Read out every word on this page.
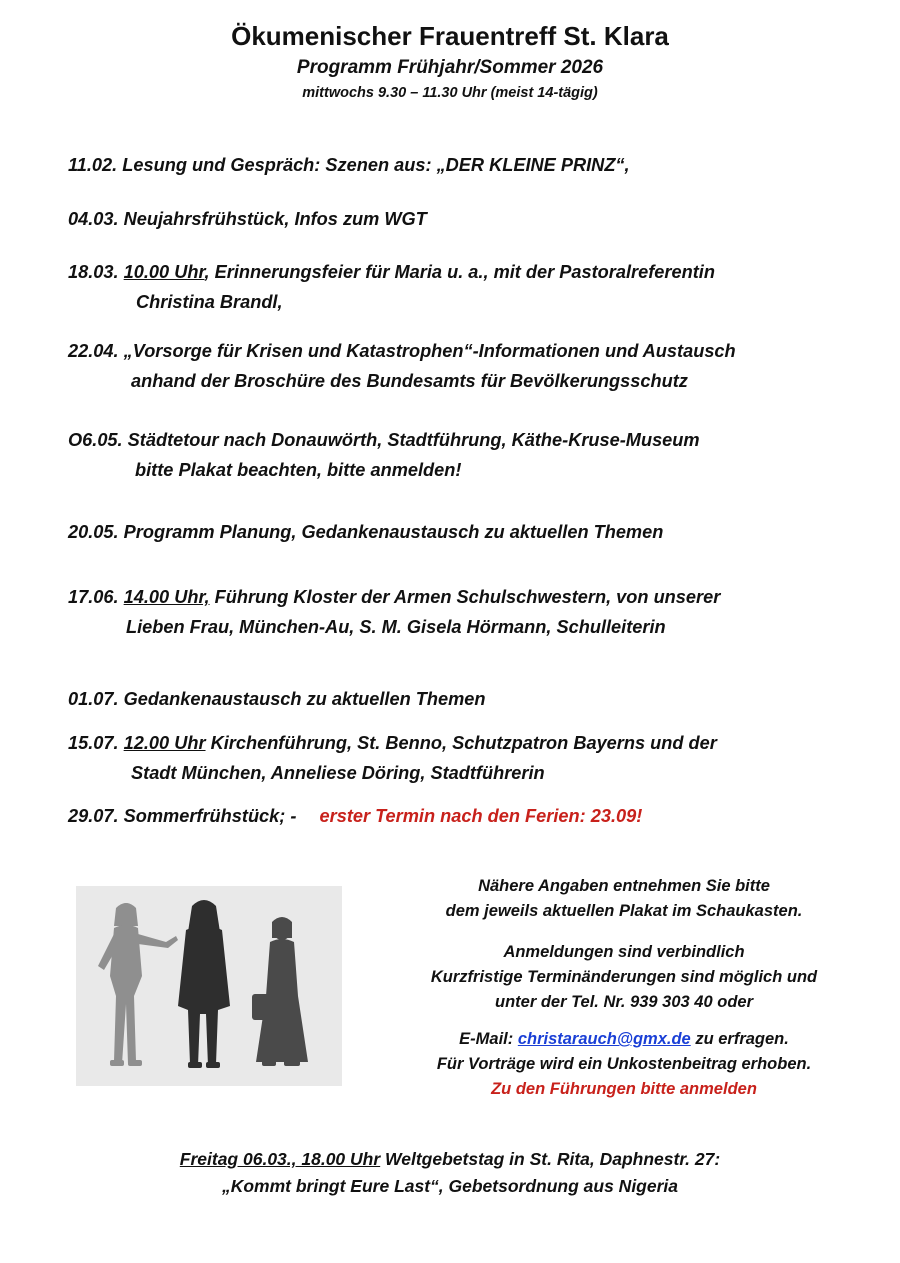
Ökumenischer Frauentreff St. Klara
Programm Frühjahr/Sommer 2026
mittwochs 9.30 – 11.30 Uhr (meist 14-tägig)
11.02. Lesung und Gespräch: Szenen aus: „DER KLEINE PRINZ“,
04.03. Neujahrsfrühstück, Infos zum WGT
18.03. 10.00 Uhr, Erinnerungsfeier für Maria u. a., mit der Pastoralreferentin
Christina Brandl,
22.04. „Vorsorge für Krisen und Katastrophen“-Informationen und Austausch
anhand der Broschüre des Bundesamts für Bevölkerungsschutz
O6.05. Städtetour nach Donauwörth, Stadtführung, Käthe-Kruse-Museum
bitte Plakat beachten, bitte anmelden!
20.05. Programm Planung, Gedankenaustausch zu aktuellen Themen
17.06. 14.00 Uhr, Führung Kloster der Armen Schulschwestern, von unserer
Lieben Frau, München-Au, S. M. Gisela Hörmann, Schulleiterin
01.07. Gedankenaustausch zu aktuellen Themen
15.07. 12.00 Uhr Kirchenführung, St. Benno, Schutzpatron Bayerns und der
Stadt München, Anneliese Döring, Stadtführerin
29.07. Sommerfrühstück; - erster Termin nach den Ferien: 23.09!

Nähere Angaben entnehmen Sie bitte

dem jeweils aktuellen Plakat im Schaukasten.

Anmeldungen sind verbindlich

Kurzfristige Terminänderungen sind möglich und

unter der Tel. Nr. 939 303 40 oder

E-Mail: christarauch@gmx.de zu erfragen.

Für Vorträge wird ein Unkostenbeitrag erhoben.

Zu den Führungen bitte anmelden

Freitag 06.03., 18.00 Uhr Weltgebetstag in St. Rita, Daphnestr. 27:
„Kommt bringt Eure Last“, Gebetsordnung aus Nigeria
